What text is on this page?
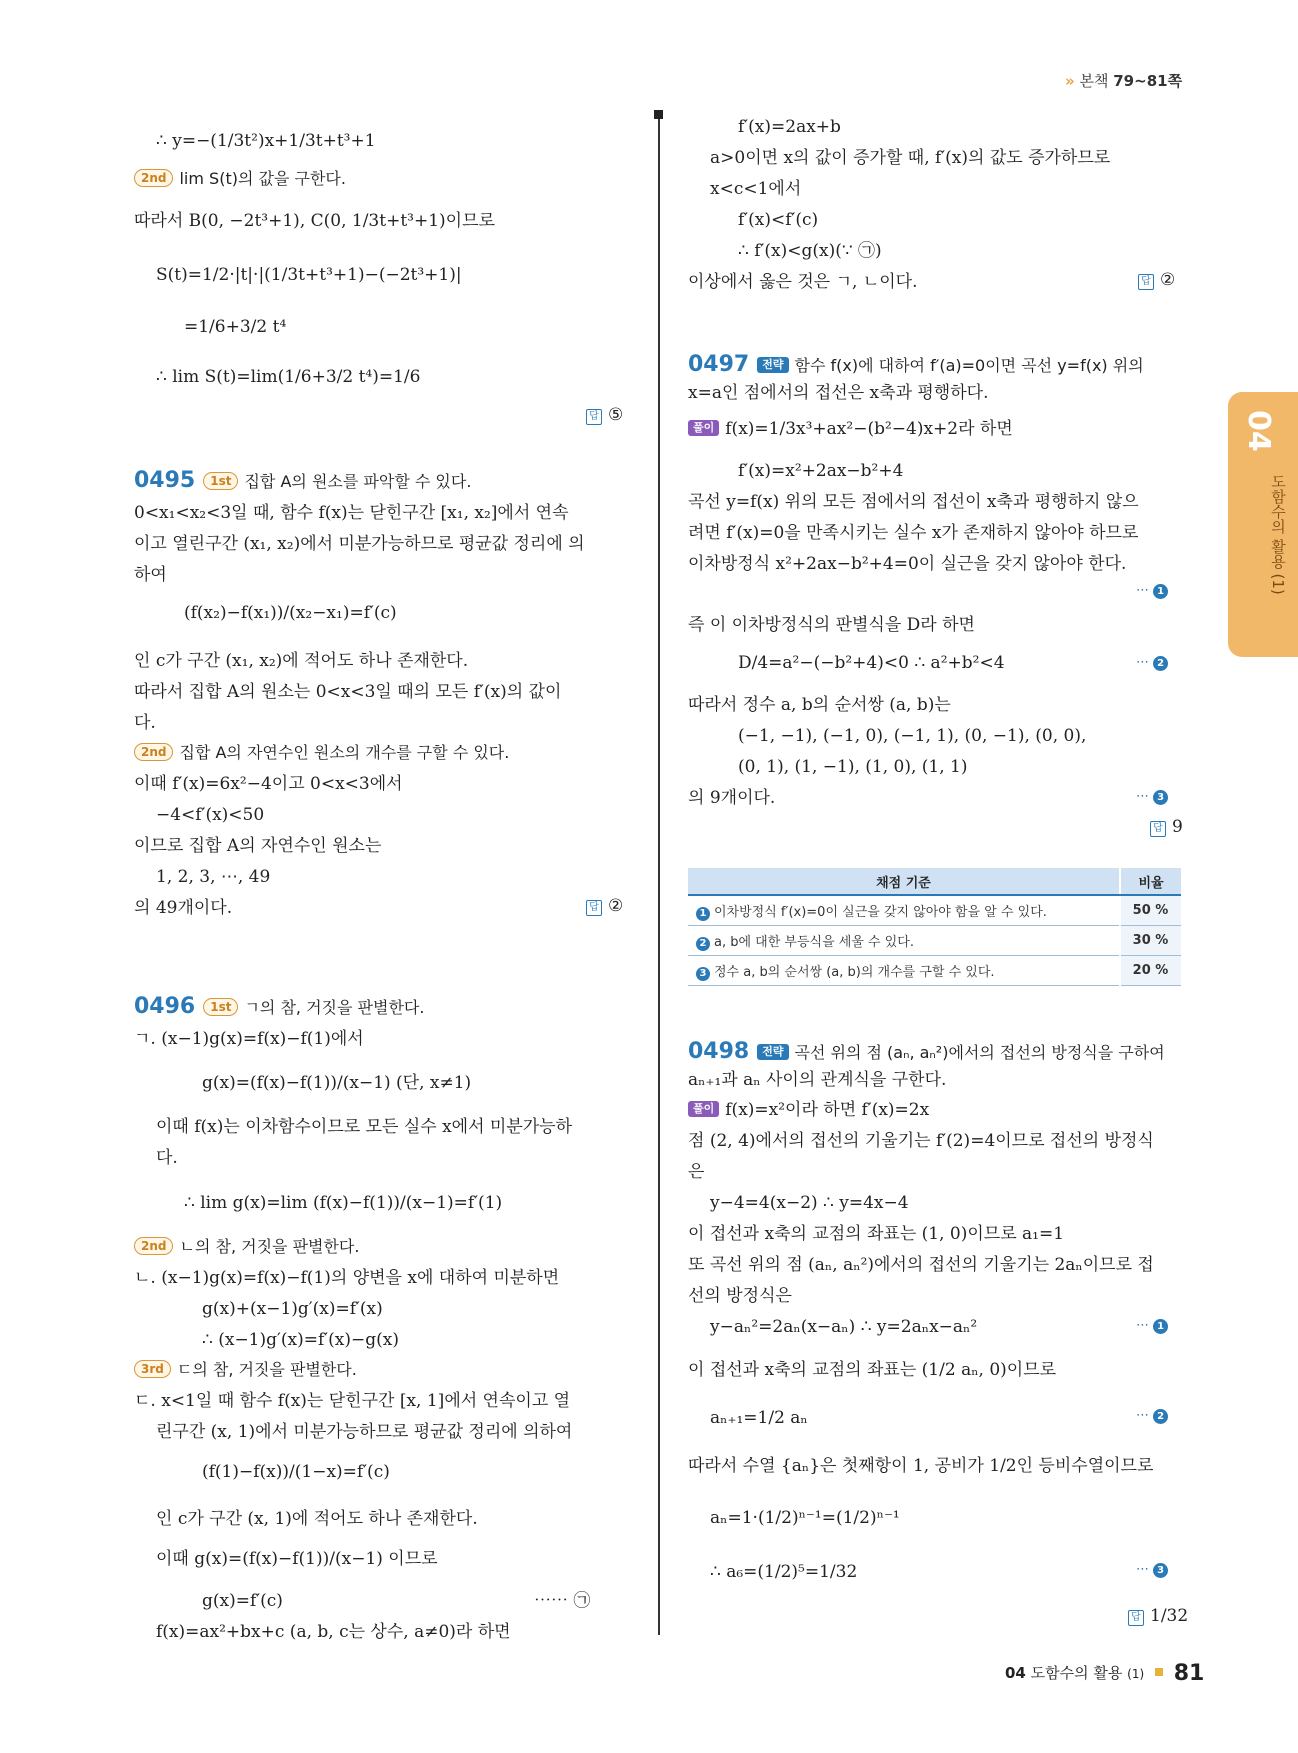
» 본책 79~81쪽
04
도함수의 활용 (1)
∴ y=−(1/3t²)x+1/3t+t³+1
2nd lim S(t)의 값을 구한다.
따라서 B(0, −2t³+1), C(0, 1/3t+t³+1)이므로
S(t)=1/2·|t|·|(1/3t+t³+1)−(−2t³+1)|
=1/6+3/2 t⁴
∴ lim S(t)=lim(1/6+3/2 t⁴)=1/6
답 ⑤
0495 1st 집합 A의 원소를 파악할 수 있다.
0<x₁<x₂<3일 때, 함수 f(x)는 닫힌구간 [x₁, x₂]에서 연속
이고 열린구간 (x₁, x₂)에서 미분가능하므로 평균값 정리에 의
하여
(f(x₂)−f(x₁))/(x₂−x₁)=f′(c)
인 c가 구간 (x₁, x₂)에 적어도 하나 존재한다.
따라서 집합 A의 원소는 0<x<3일 때의 모든 f′(x)의 값이
다.
2nd 집합 A의 자연수인 원소의 개수를 구할 수 있다.
이때 f′(x)=6x²−4이고 0<x<3에서
−4<f′(x)<50
이므로 집합 A의 자연수인 원소는
1, 2, 3, ⋯, 49
의 49개이다.	답 ②
0496 1st ㄱ의 참, 거짓을 판별한다.
ㄱ. (x−1)g(x)=f(x)−f(1)에서
g(x)=(f(x)−f(1))/(x−1) (단, x≠1)
이때 f(x)는 이차함수이므로 모든 실수 x에서 미분가능하
다.
∴ lim g(x)=lim (f(x)−f(1))/(x−1)=f′(1)
2nd ㄴ의 참, 거짓을 판별한다.
ㄴ. (x−1)g(x)=f(x)−f(1)의 양변을 x에 대하여 미분하면
g(x)+(x−1)g′(x)=f′(x)
∴ (x−1)g′(x)=f′(x)−g(x)
3rd ㄷ의 참, 거짓을 판별한다.
ㄷ. x<1일 때 함수 f(x)는 닫힌구간 [x, 1]에서 연속이고 열
린구간 (x, 1)에서 미분가능하므로 평균값 정리에 의하여
(f(1)−f(x))/(1−x)=f′(c)
인 c가 구간 (x, 1)에 적어도 하나 존재한다.
이때 g(x)=(f(x)−f(1))/(x−1) 이므로
g(x)=f′(c)	⋯⋯ ㉠
f(x)=ax²+bx+c (a, b, c는 상수, a≠0)라 하면
f′(x)=2ax+b
a>0이면 x의 값이 증가할 때, f′(x)의 값도 증가하므로
x<c<1에서
f′(x)<f′(c)
∴ f′(x)<g(x)(∵ ㉠)
이상에서 옳은 것은 ㄱ, ㄴ이다.	답 ②
0497 전략 함수 f(x)에 대하여 f′(a)=0이면 곡선 y=f(x) 위의
x=a인 점에서의 접선은 x축과 평행하다.
풀이 f(x)=1/3x³+ax²−(b²−4)x+2라 하면
f′(x)=x²+2ax−b²+4
곡선 y=f(x) 위의 모든 점에서의 접선이 x축과 평행하지 않으
려면 f′(x)=0을 만족시키는 실수 x가 존재하지 않아야 하므로
이차방정식 x²+2ax−b²+4=0이 실근을 갖지 않아야 한다.
⋯ 1
즉 이 이차방정식의 판별식을 D라 하면
D/4=a²−(−b²+4)<0 ∴ a²+b²<4	⋯ 2
따라서 정수 a, b의 순서쌍 (a, b)는
(−1, −1), (−1, 0), (−1, 1), (0, −1), (0, 0),
(0, 1), (1, −1), (1, 0), (1, 1)
의 9개이다.	⋯ 3
답 9
채점 기준	비율
1 이차방정식 f′(x)=0이 실근을 갖지 않아야 함을 알 수 있다.	50 %
2 a, b에 대한 부등식을 세울 수 있다.	30 %
3 정수 a, b의 순서쌍 (a, b)의 개수를 구할 수 있다.	20 %
0498 전략 곡선 위의 점 (aₙ, aₙ²)에서의 접선의 방정식을 구하여
aₙ₊₁과 aₙ 사이의 관계식을 구한다.
풀이 f(x)=x²이라 하면 f′(x)=2x
점 (2, 4)에서의 접선의 기울기는 f′(2)=4이므로 접선의 방정식
은
y−4=4(x−2) ∴ y=4x−4
이 접선과 x축의 교점의 좌표는 (1, 0)이므로 a₁=1
또 곡선 위의 점 (aₙ, aₙ²)에서의 접선의 기울기는 2aₙ이므로 접
선의 방정식은
y−aₙ²=2aₙ(x−aₙ) ∴ y=2aₙx−aₙ²	⋯ 1
이 접선과 x축의 교점의 좌표는 (1/2 aₙ, 0)이므로
aₙ₊₁=1/2 aₙ	⋯ 2
따라서 수열 {aₙ}은 첫째항이 1, 공비가 1/2인 등비수열이므로
aₙ=1·(1/2)ⁿ⁻¹=(1/2)ⁿ⁻¹
∴ a₆=(1/2)⁵=1/32	⋯ 3
답 1/32
04 도함수의 활용 (1) 81
